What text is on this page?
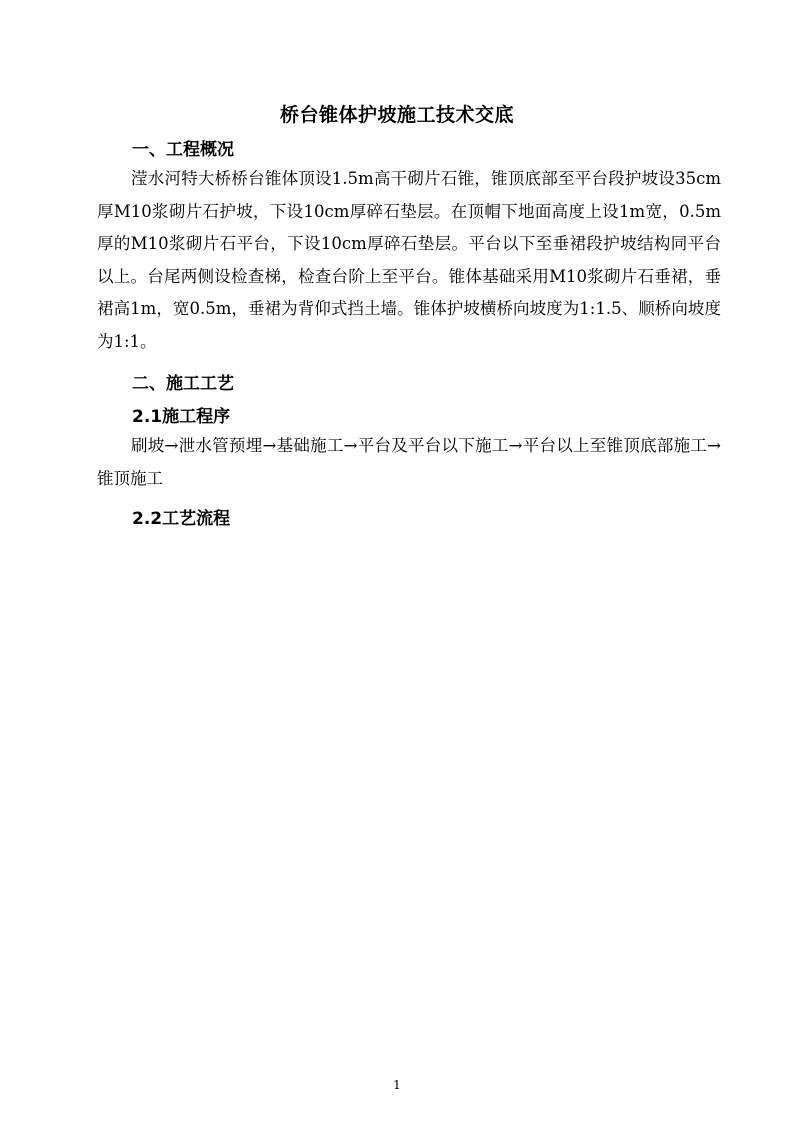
桥台锥体护坡施工技术交底
一、工程概况

滢水河特大桥桥台锥体顶设1.5m高干砌片石锥，锥顶底部至平台段护坡设35cm厚M10浆砌片石护坡，下设10cm厚碎石垫层。在顶帽下地面高度上设1m宽，0.5m厚的M10浆砌片石平台，下设10cm厚碎石垫层。平台以下至垂裙段护坡结构同平台以上。台尾两侧设检查梯，检查台阶上至平台。锥体基础采用M10浆砌片石垂裙，垂裙高1m，宽0.5m，垂裙为背仰式挡土墙。锥体护坡横桥向坡度为1:1.5、顺桥向坡度为1:1。

二、施工工艺
2.1施工程序

刷坡→泄水管预埋→基础施工→平台及平台以下施工→平台以上至锥顶底部施工→锥顶施工

2.2工艺流程
1
